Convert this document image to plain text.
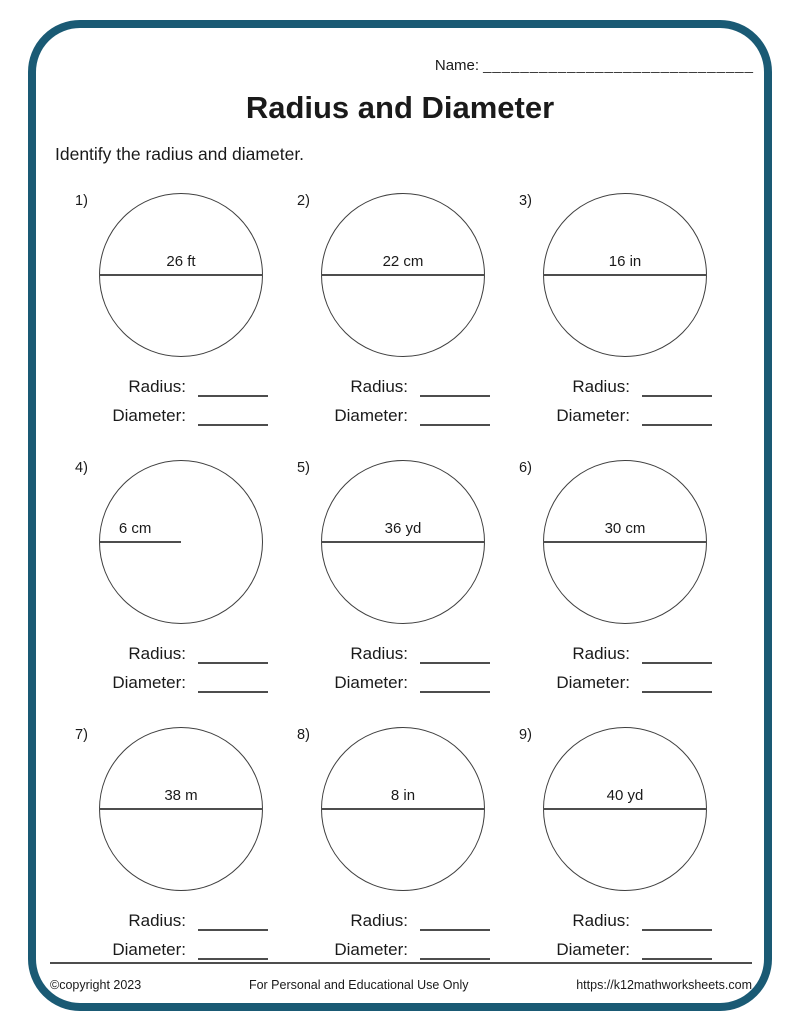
Name: _____________________________
Radius and Diameter
Identify the radius and diameter.
1)
26 ft
Radius:
Diameter:
2)
22 cm
Radius:
Diameter:
3)
16 in
Radius:
Diameter:
4)
6 cm
Radius:
Diameter:
5)
36 yd
Radius:
Diameter:
6)
30 cm
Radius:
Diameter:
7)
38 m
Radius:
Diameter:
8)
8 in
Radius:
Diameter:
9)
40 yd
Radius:
Diameter:
©copyright 2023	For Personal and Educational Use Only	https://k12mathworksheets.com
